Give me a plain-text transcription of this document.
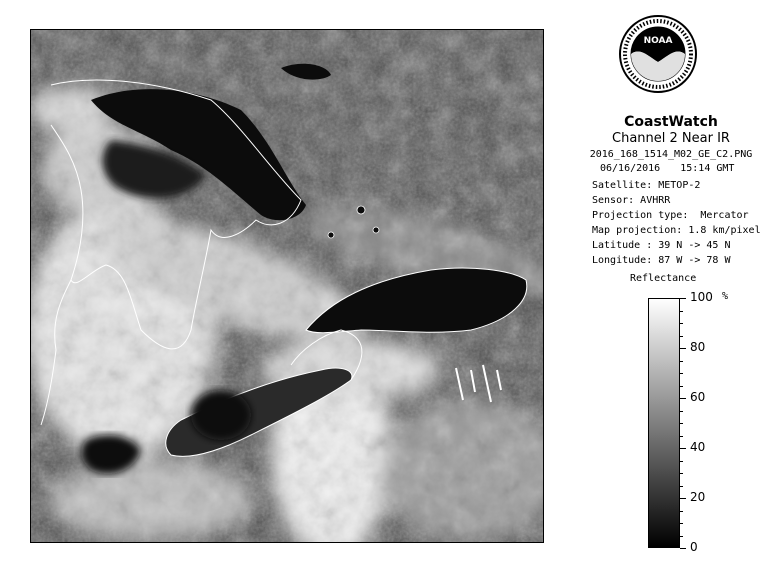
NOAA
CoastWatch
Channel 2 Near IR
2016_168_1514_M02_GE_C2.PNG
06/16/2016 15:14 GMT
Satellite: METOP-2
Sensor: AVHRR
Projection type:  Mercator
Map projection: 1.8 km/pixel
Latitude : 39 N -> 45 N
Longitude: 87 W -> 78 W
Reflectance
%
100
80
60
40
20
0
